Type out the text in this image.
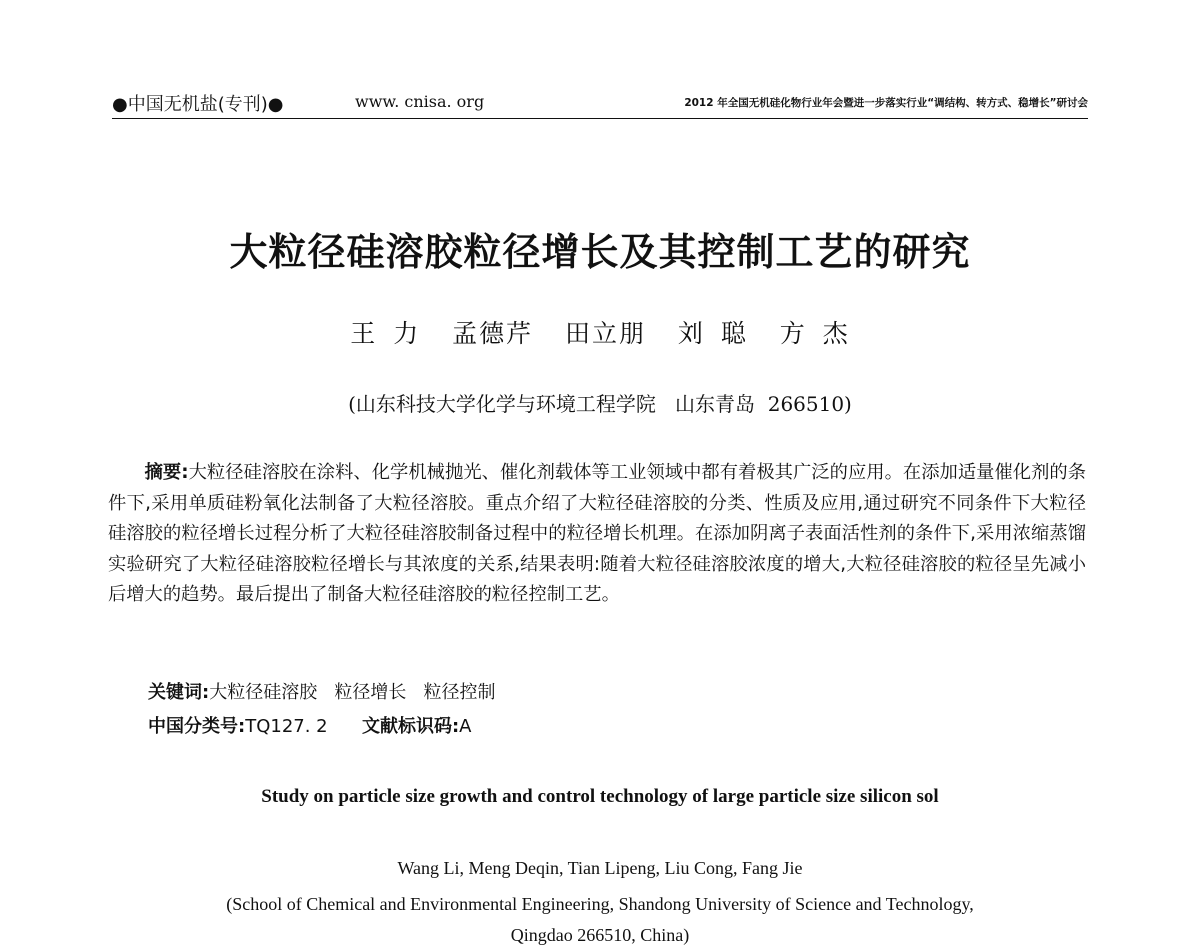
●中国无机盐(专刊)●	www. cnisa. org	2012 年全国无机硅化物行业年会暨进一步落实行业“调结构、转方式、稳增长”研讨会
大粒径硅溶胶粒径增长及其控制工艺的研究
王 力  孟德芹  田立朋  刘 聪  方 杰
(山东科技大学化学与环境工程学院   山东青岛  266510)

摘要:大粒径硅溶胶在涂料、化学机械抛光、催化剂载体等工业领域中都有着极其广泛的应用。在添加适量催化剂的条件下,采用单质硅粉氧化法制备了大粒径溶胶。重点介绍了大粒径硅溶胶的分类、性质及应用,通过研究不同条件下大粒径硅溶胶的粒径增长过程分析了大粒径硅溶胶制备过程中的粒径增长机理。在添加阴离子表面活性剂的条件下,采用浓缩蒸馏实验研究了大粒径硅溶胶粒径增长与其浓度的关系,结果表明:随着大粒径硅溶胶浓度的增大,大粒径硅溶胶的粒径呈先减小后增大的趋势。最后提出了制备大粒径硅溶胶的粒径控制工艺。

关键词:大粒径硅溶胶   粒径增长   粒径控制
中国分类号:TQ127. 2 文献标识码:A
Study on particle size growth and control technology of large particle size silicon sol
Wang Li, Meng Deqin, Tian Lipeng, Liu Cong, Fang Jie
(School of Chemical and Environmental Engineering, Shandong University of Science and Technology,
Qingdao 266510, China)
